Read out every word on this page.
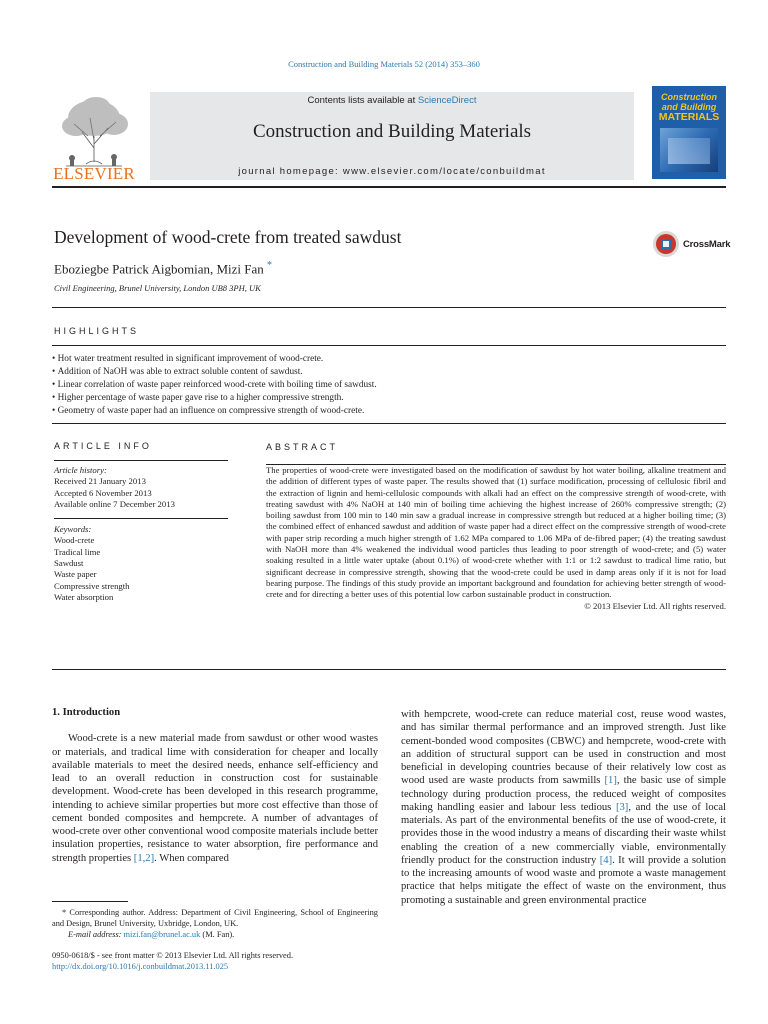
Construction and Building Materials 52 (2014) 353–360
ELSEVIER
Contents lists available at ScienceDirect
Construction and Building Materials
journal homepage: www.elsevier.com/locate/conbuildmat
Construction
and Building
MATERIALS
Development of wood-crete from treated sawdust	CrossMark
Eboziegbe Patrick Aigbomian, Mizi Fan *
Civil Engineering, Brunel University, London UB8 3PH, UK
HIGHLIGHTS
• Hot water treatment resulted in significant improvement of wood-crete.
• Addition of NaOH was able to extract soluble content of sawdust.
• Linear correlation of waste paper reinforced wood-crete with boiling time of sawdust.
• Higher percentage of waste paper gave rise to a higher compressive strength.
• Geometry of waste paper had an influence on compressive strength of wood-crete.
ARTICLE INFO
Article history:
Received 21 January 2013
Accepted 6 November 2013
Available online 7 December 2013
Keywords:
Wood-crete
Tradical lime
Sawdust
Waste paper
Compressive strength
Water absorption
ABSTRACT
The properties of wood-crete were investigated based on the modification of sawdust by hot water boiling, alkaline treatment and the addition of different types of waste paper. The results showed that (1) surface modification, processing of cellulosic fibril and the extraction of lignin and hemi-cellulosic compounds with alkali had an effect on the compressive strength of wood-crete, with treating sawdust with 4% NaOH at 140 min of boiling time achieving the highest increase of 260% compressive strength; (2) boiling sawdust from 100 min to 140 min saw a gradual increase in compressive strength but reduced at a higher boiling time; (3) the combined effect of enhanced sawdust and addition of waste paper had a direct effect on the compressive strength of wood-crete with paper strip recording a much higher strength of 1.62 MPa compared to 1.06 MPa of de-fibred paper; (4) the treating sawdust with NaOH more than 4% weakened the individual wood particles thus leading to poor strength of wood-crete; and (5) water soaking resulted in a little water uptake (about 0.1%) of wood-crete whether with 1:1 or 1:2 sawdust to tradical lime ratio, but significant decrease in compressive strength, showing that the wood-crete could be used in damp areas only if it is not for load bearing purpose. The findings of this study provide an important background and foundation for achieving better strength of wood-crete and for directing a better uses of this potential low carbon sustainable product in construction.
© 2013 Elsevier Ltd. All rights reserved.
1. Introduction

Wood-crete is a new material made from sawdust or other wood wastes or materials, and tradical lime with consideration for cheaper and locally available materials to meet the desired needs, enhance self-efficiency and lead to an overall reduction in construction cost for sustainable development. Wood-crete has been developed in this research programme, intending to achieve similar properties but more cost effective than those of cement bonded composites and hempcrete. A number of advantages of wood-crete over other conventional wood composite materials include better insulation properties, resistance to water absorption, fire performance and strength properties [1,2]. When compared

* Corresponding author. Address: Department of Civil Engineering, School of Engineering and Design, Brunel University, Uxbridge, London, UK.
E-mail address: mizi.fan@brunel.ac.uk (M. Fan).
0950-0618/$ - see front matter © 2013 Elsevier Ltd. All rights reserved.
http://dx.doi.org/10.1016/j.conbuildmat.2013.11.025

with hempcrete, wood-crete can reduce material cost, reuse wood wastes, and has similar thermal performance and an improved strength. Just like cement-bonded wood composites (CBWC) and hempcrete, wood-crete with an addition of structural support can be used in construction and most beneficial in developing countries because of their relatively low cost as wood used are waste products from sawmills [1], the basic use of simple technology during production process, the reduced weight of composites making handling easier and labour less tedious [3], and the use of local materials. As part of the environmental benefits of the use of wood-crete, it provides those in the wood industry a means of discarding their waste whilst enabling the creation of a new commercially viable, environmentally friendly product for the construction industry [4]. It will provide a solution to the increasing amounts of wood waste and promote a waste management practice that helps mitigate the effect of waste on the environment, thus promoting a sustainable and green environmental practice
